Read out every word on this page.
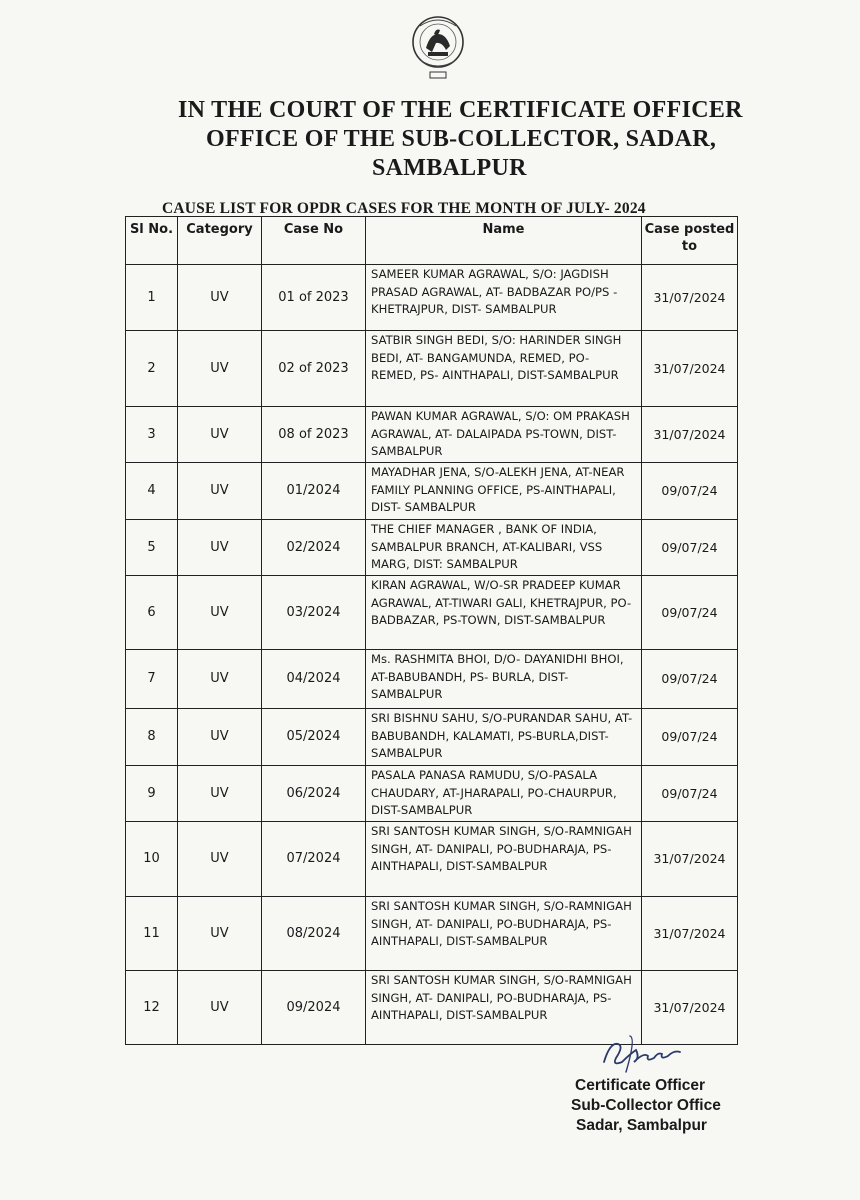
IN THE COURT OF THE CERTIFICATE OFFICER
OFFICE OF THE SUB-COLLECTOR, SADAR,
SAMBALPUR
CAUSE LIST FOR OPDR CASES FOR THE MONTH OF JULY- 2024
Sl No.	Category	Case No	Name	Case posted to
1	UV	01 of 2023	SAMEER KUMAR AGRAWAL, S/O: JAGDISH PRASAD AGRAWAL, AT- BADBAZAR PO/PS - KHETRAJPUR, DIST- SAMBALPUR	31/07/2024
2	UV	02 of 2023	SATBIR SINGH BEDI, S/O: HARINDER SINGH BEDI, AT- BANGAMUNDA, REMED, PO- REMED, PS- AINTHAPALI, DIST-SAMBALPUR	31/07/2024
3	UV	08 of 2023	PAWAN KUMAR AGRAWAL, S/O: OM PRAKASH AGRAWAL, AT- DALAIPADA PS-TOWN, DIST- SAMBALPUR	31/07/2024
4	UV	01/2024	MAYADHAR JENA, S/O-ALEKH JENA, AT-NEAR FAMILY PLANNING OFFICE, PS-AINTHAPALI, DIST- SAMBALPUR	09/07/24
5	UV	02/2024	THE CHIEF MANAGER , BANK OF INDIA, SAMBALPUR BRANCH, AT-KALIBARI, VSS MARG, DIST: SAMBALPUR	09/07/24
6	UV	03/2024	KIRAN AGRAWAL, W/O-SR PRADEEP KUMAR AGRAWAL, AT-TIWARI GALI, KHETRAJPUR, PO-BADBAZAR, PS-TOWN, DIST-SAMBALPUR	09/07/24
7	UV	04/2024	Ms. RASHMITA BHOI, D/O- DAYANIDHI BHOI, AT-BABUBANDH, PS- BURLA, DIST-SAMBALPUR	09/07/24
8	UV	05/2024	SRI BISHNU SAHU, S/O-PURANDAR SAHU, AT-BABUBANDH, KALAMATI, PS-BURLA,DIST- SAMBALPUR	09/07/24
9	UV	06/2024	PASALA PANASA RAMUDU, S/O-PASALA CHAUDARY, AT-JHARAPALI, PO-CHAURPUR, DIST-SAMBALPUR	09/07/24
10	UV	07/2024	SRI SANTOSH KUMAR SINGH, S/O-RAMNIGAH SINGH, AT- DANIPALI, PO-BUDHARAJA, PS- AINTHAPALI, DIST-SAMBALPUR	31/07/2024
11	UV	08/2024	SRI SANTOSH KUMAR SINGH, S/O-RAMNIGAH SINGH, AT- DANIPALI, PO-BUDHARAJA, PS- AINTHAPALI, DIST-SAMBALPUR	31/07/2024
12	UV	09/2024	SRI SANTOSH KUMAR SINGH, S/O-RAMNIGAH SINGH, AT- DANIPALI, PO-BUDHARAJA, PS- AINTHAPALI, DIST-SAMBALPUR	31/07/2024
Certificate Officer
Sub-Collector Office
Sadar, Sambalpur
